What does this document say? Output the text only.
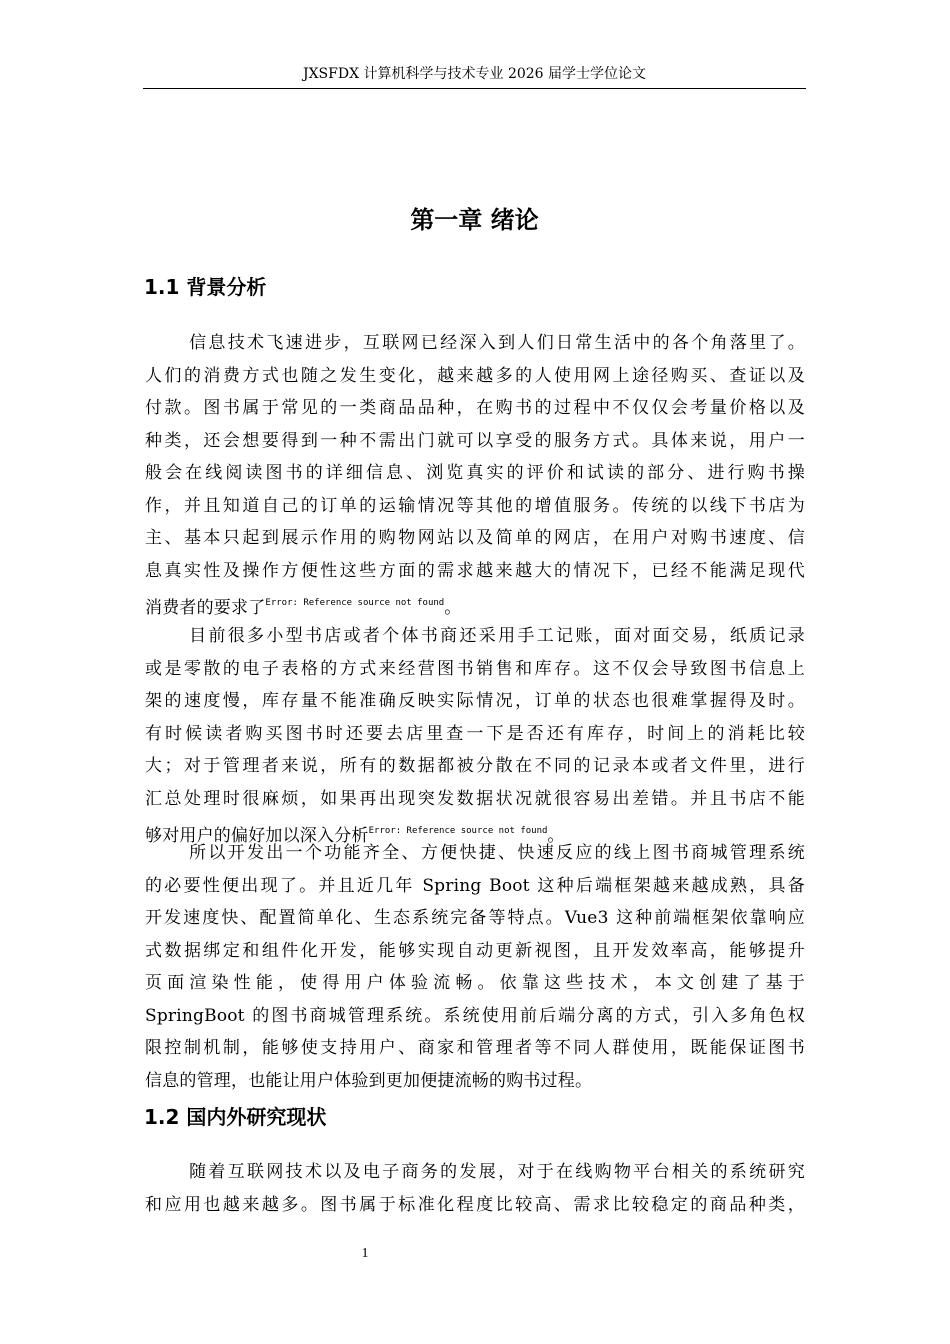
JXSFDX 计算机科学与技术专业 2026 届学士学位论文
第一章 绪论
1.1 背景分析
信息技术飞速进步，互联网已经深入到人们日常生活中的各个角落里了。
人们的消费方式也随之发生变化，越来越多的人使用网上途径购买、查证以及
付款。图书属于常见的一类商品品种，在购书的过程中不仅仅会考量价格以及
种类，还会想要得到一种不需出门就可以享受的服务方式。具体来说，用户一
般会在线阅读图书的详细信息、浏览真实的评价和试读的部分、进行购书操
作，并且知道自己的订单的运输情况等其他的增值服务。传统的以线下书店为
主、基本只起到展示作用的购物网站以及简单的网店，在用户对购书速度、信
息真实性及操作方便性这些方面的需求越来越大的情况下，已经不能满足现代
消费者的要求了$^{Error: Reference source not found}$。
目前很多小型书店或者个体书商还采用手工记账，面对面交易，纸质记录
或是零散的电子表格的方式来经营图书销售和库存。这不仅会导致图书信息上
架的速度慢，库存量不能准确反映实际情况，订单的状态也很难掌握得及时。
有时候读者购买图书时还要去店里查一下是否还有库存，时间上的消耗比较
大；对于管理者来说，所有的数据都被分散在不同的记录本或者文件里，进行
汇总处理时很麻烦，如果再出现突发数据状况就很容易出差错。并且书店不能
够对用户的偏好加以深入分析$^{Error: Reference source not found}$。
所以开发出一个功能齐全、方便快捷、快速反应的线上图书商城管理系统
的必要性便出现了。并且近几年 Spring Boot 这种后端框架越来越成熟，具备
开发速度快、配置简单化、生态系统完备等特点。Vue3 这种前端框架依靠响应
式数据绑定和组件化开发，能够实现自动更新视图，且开发效率高，能够提升
页面渲染性能，使得用户体验流畅。依靠这些技术，本文创建了基于
SpringBoot 的图书商城管理系统。系统使用前后端分离的方式，引入多角色权
限控制机制，能够使支持用户、商家和管理者等不同人群使用，既能保证图书
信息的管理，也能让用户体验到更加便捷流畅的购书过程。
1.2 国内外研究现状
随着互联网技术以及电子商务的发展，对于在线购物平台相关的系统研究
和应用也越来越多。图书属于标准化程度比较高、需求比较稳定的商品种类，
1
